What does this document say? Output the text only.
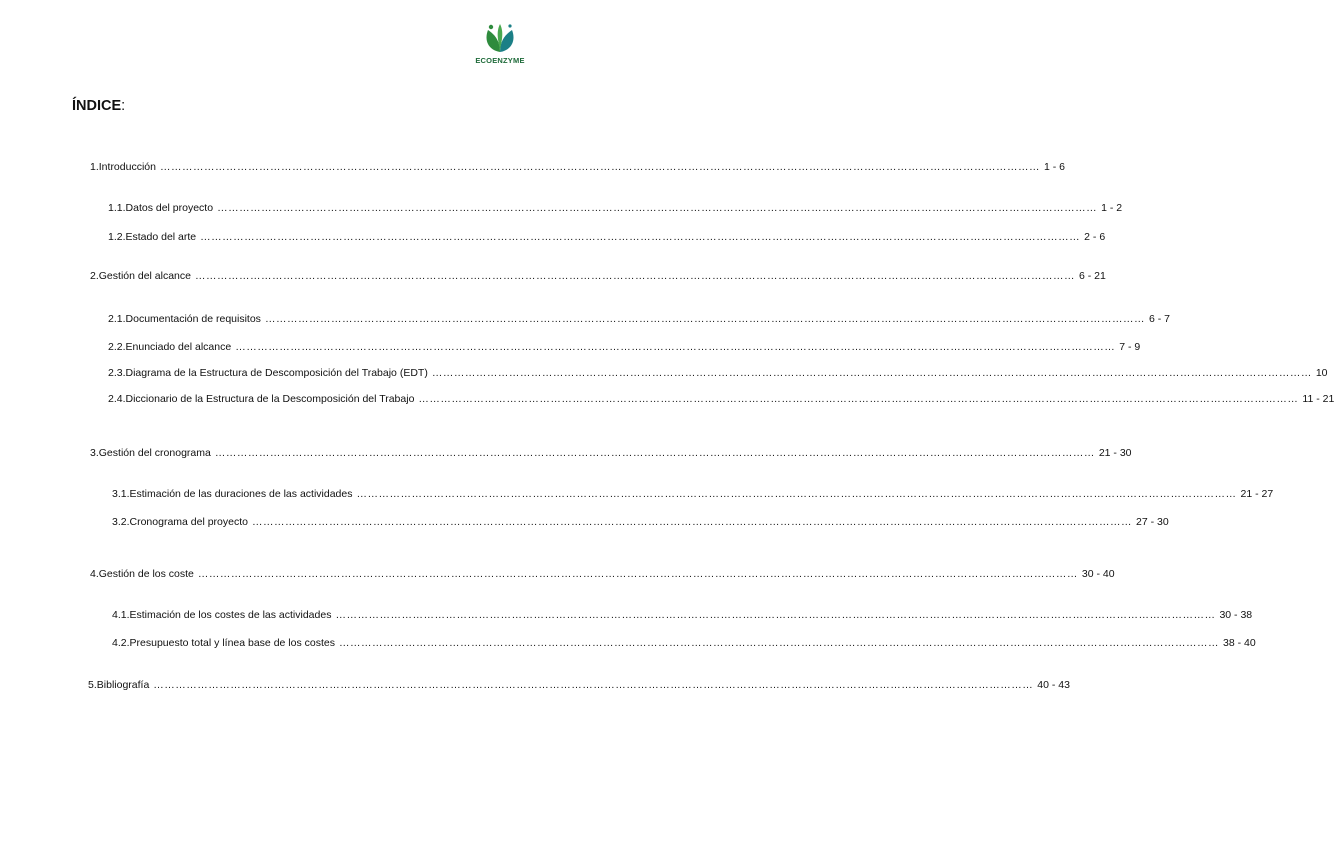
ECOENZYME
ÍNDICE:
1. Introducción …………………………………………………………………………………………………………………………………………………………………………………………………………………… 1 - 6
1.1. Datos del proyecto …………………………………………………………………………………………………………………………………………………………………………………………………………………… 1 - 2
1.2. Estado del arte …………………………………………………………………………………………………………………………………………………………………………………………………………………… 2 - 6
2. Gestión del alcance …………………………………………………………………………………………………………………………………………………………………………………………………………………… 6 - 21
2.1. Documentación de requisitos …………………………………………………………………………………………………………………………………………………………………………………………………………………… 6 - 7
2.2. Enunciado del alcance …………………………………………………………………………………………………………………………………………………………………………………………………………………… 7 - 9
2.3. Diagrama de la Estructura de Descomposición del Trabajo (EDT) …………………………………………………………………………………………………………………………………………………………………………………………………………………… 10
2.4. Diccionario de la Estructura de la Descomposición del Trabajo …………………………………………………………………………………………………………………………………………………………………………………………………………………… 11 - 21
3. Gestión del cronograma …………………………………………………………………………………………………………………………………………………………………………………………………………………… 21 - 30
3.1. Estimación de las duraciones de las actividades …………………………………………………………………………………………………………………………………………………………………………………………………………………… 21 - 27
3.2. Cronograma del proyecto …………………………………………………………………………………………………………………………………………………………………………………………………………………… 27 - 30
4. Gestión de los coste …………………………………………………………………………………………………………………………………………………………………………………………………………………… 30 - 40
4.1. Estimación de los costes de las actividades …………………………………………………………………………………………………………………………………………………………………………………………………………………… 30 - 38
4.2. Presupuesto total y línea base de los costes …………………………………………………………………………………………………………………………………………………………………………………………………………………… 38 - 40
5. Bibliografía …………………………………………………………………………………………………………………………………………………………………………………………………………………… 40 - 43
